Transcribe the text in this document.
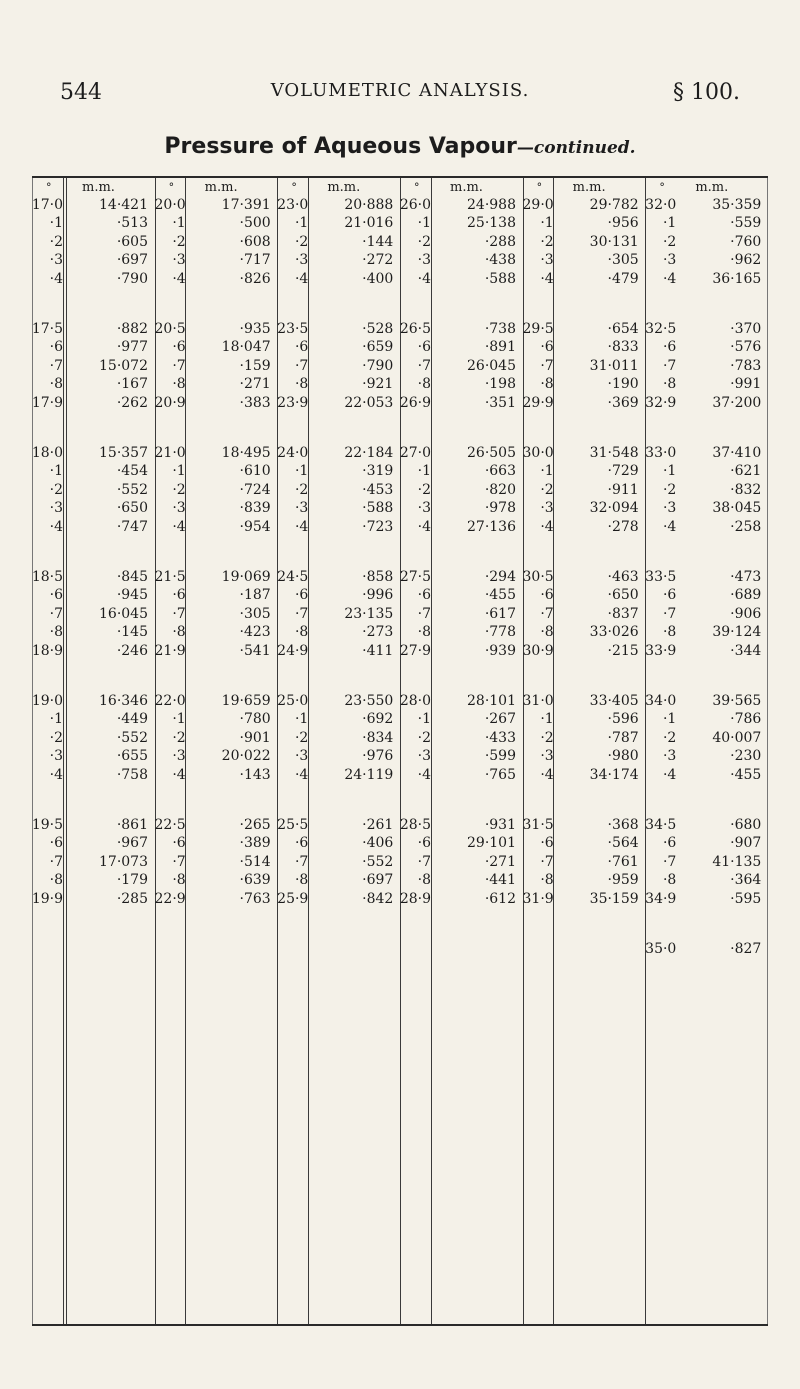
544	VOLUMETRIC ANALYSIS.	§ 100.
Pressure of Aqueous Vapour—continued.
° m.m.
17·0	14·421
·1	·513
·2	·605
·3	·697
·4	·790
17·5	·882
·6	·977
·7	15·072
·8	·167
17·9	·262
18·0	15·357
·1	·454
·2	·552
·3	·650
·4	·747
18·5	·845
·6	·945
·7	16·045
·8	·145
18·9	·246
19·0	16·346
·1	·449
·2	·552
·3	·655
·4	·758
19·5	·861
·6	·967
·7	17·073
·8	·179
19·9	·285
° m.m.
20·0	17·391
·1	·500
·2	·608
·3	·717
·4	·826
20·5	·935
·6	18·047
·7	·159
·8	·271
20·9	·383
21·0	18·495
·1	·610
·2	·724
·3	·839
·4	·954
21·5	19·069
·6	·187
·7	·305
·8	·423
21·9	·541
22·0	19·659
·1	·780
·2	·901
·3	20·022
·4	·143
22·5	·265
·6	·389
·7	·514
·8	·639
22·9	·763
° m.m.
23·0	20·888
·1	21·016
·2	·144
·3	·272
·4	·400
23·5	·528
·6	·659
·7	·790
·8	·921
23·9	22·053
24·0	22·184
·1	·319
·2	·453
·3	·588
·4	·723
24·5	·858
·6	·996
·7	23·135
·8	·273
24·9	·411
25·0	23·550
·1	·692
·2	·834
·3	·976
·4	24·119
25·5	·261
·6	·406
·7	·552
·8	·697
25·9	·842
° m.m.
26·0	24·988
·1	25·138
·2	·288
·3	·438
·4	·588
26·5	·738
·6	·891
·7	26·045
·8	·198
26·9	·351
27·0	26·505
·1	·663
·2	·820
·3	·978
·4	27·136
27·5	·294
·6	·455
·7	·617
·8	·778
27·9	·939
28·0	28·101
·1	·267
·2	·433
·3	·599
·4	·765
28·5	·931
·6	29·101
·7	·271
·8	·441
28·9	·612
° m.m.
29·0	29·782
·1	·956
·2	30·131
·3	·305
·4	·479
29·5	·654
·6	·833
·7	31·011
·8	·190
29·9	·369
30·0	31·548
·1	·729
·2	·911
·3	32·094
·4	·278
30·5	·463
·6	·650
·7	·837
·8	33·026
30·9	·215
31·0	33·405
·1	·596
·2	·787
·3	·980
·4	34·174
31·5	·368
·6	·564
·7	·761
·8	·959
31·9	35·159
° m.m.
32·0	35·359
·1	·559
·2	·760
·3	·962
·4	36·165
32·5	·370
·6	·576
·7	·783
·8	·991
32·9	37·200
33·0	37·410
·1	·621
·2	·832
·3	38·045
·4	·258
33·5	·473
·6	·689
·7	·906
·8	39·124
33·9	·344
34·0	39·565
·1	·786
·2	40·007
·3	·230
·4	·455
34·5	·680
·6	·907
·7	41·135
·8	·364
34·9	·595
35·0	·827
